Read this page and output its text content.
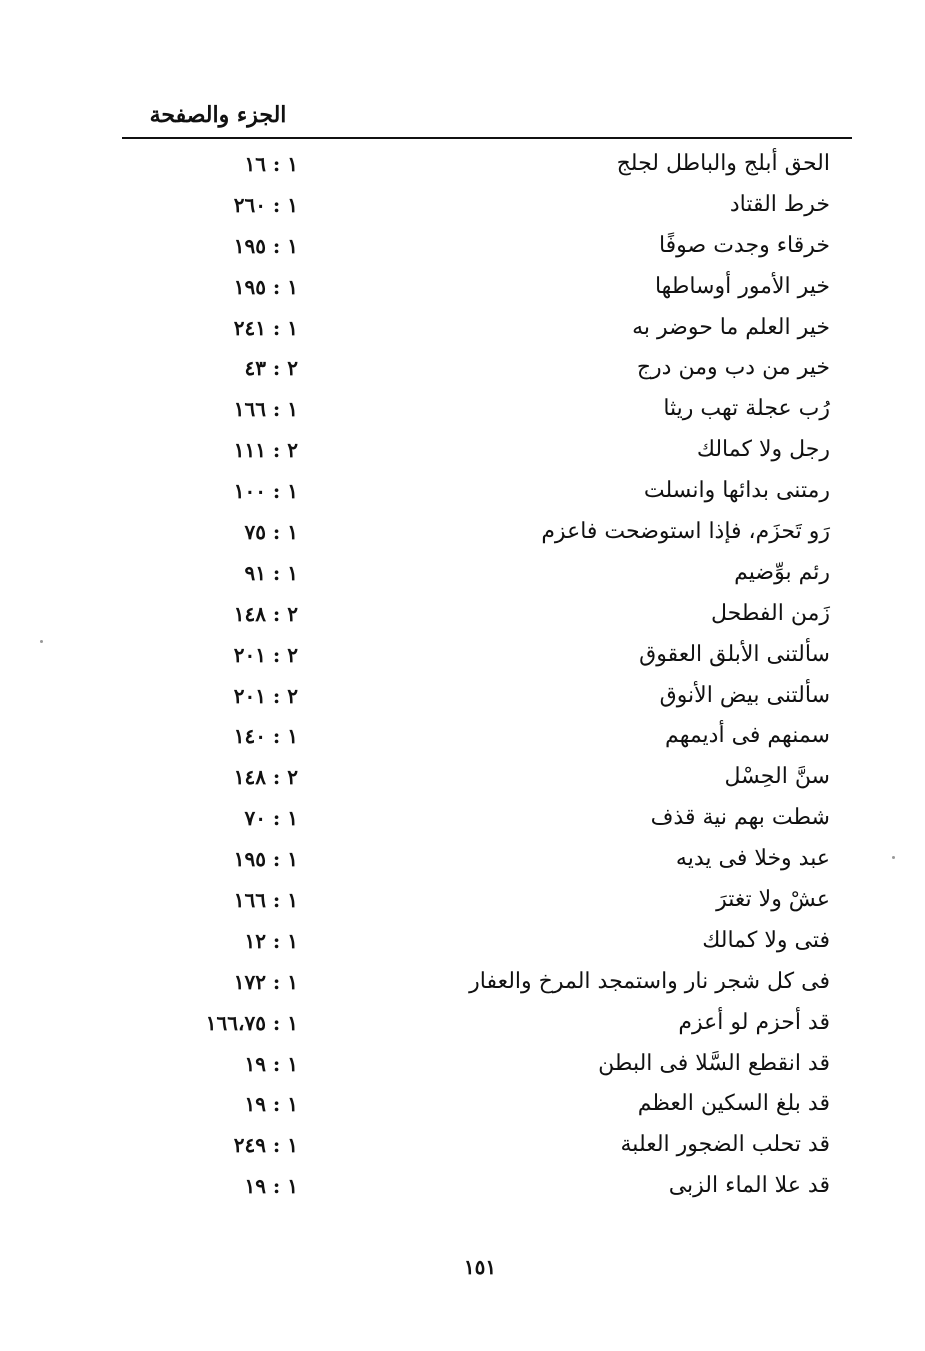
الجزء والصفحة
الحق أبلج والباطل لجلج
١ : ١٦
خرط القتاد
١ : ٢٦٠
خرقاء وجدت صوفًا
١ : ١٩٥
خير الأمور أوساطها
١ : ١٩٥
خير العلم ما حوضر به
١ : ٢٤١
خير من دب ومن درج
٢ : ٤٣
رُب عجلة تهب ريثا
١ : ١٦٦
رجل ولا كمالك
٢ : ١١١
رمتنى بدائها وانسلت
١ : ١٠٠
رَو تَحزَم، فإذا استوضحت فاعزم
١ : ٧٥
رئم بوِّضيم
١ : ٩١
زَمن الفطحل
٢ : ١٤٨
سألتنى الأبلق العقوق
٢ : ٢٠١
سألتنى بيض الأنوق
٢ : ٢٠١
سمنهم فى أديمهم
١ : ١٤٠
سنَّ الحِسْل
٢ : ١٤٨
شطت بهم نية قذف
١ : ٧٠
عبد وخلا فى يديه
١ : ١٩٥
عشْ ولا تغترَ
١ : ١٦٦
فتى ولا كمالك
١ : ١٢
فى كل شجر نار واستمجد المرخ والعفار
١ : ١٧٢
قد أحزم لو أعزم
١ : ١٦٦،٧٥
قد انقطع السَّلا فى البطن
١ : ١٩
قد بلغ السكين العظم
١ : ١٩
قد تحلب الضجور العلبة
١ : ٢٤٩
قد علا الماء الزبى
١ : ١٩
١٥١
